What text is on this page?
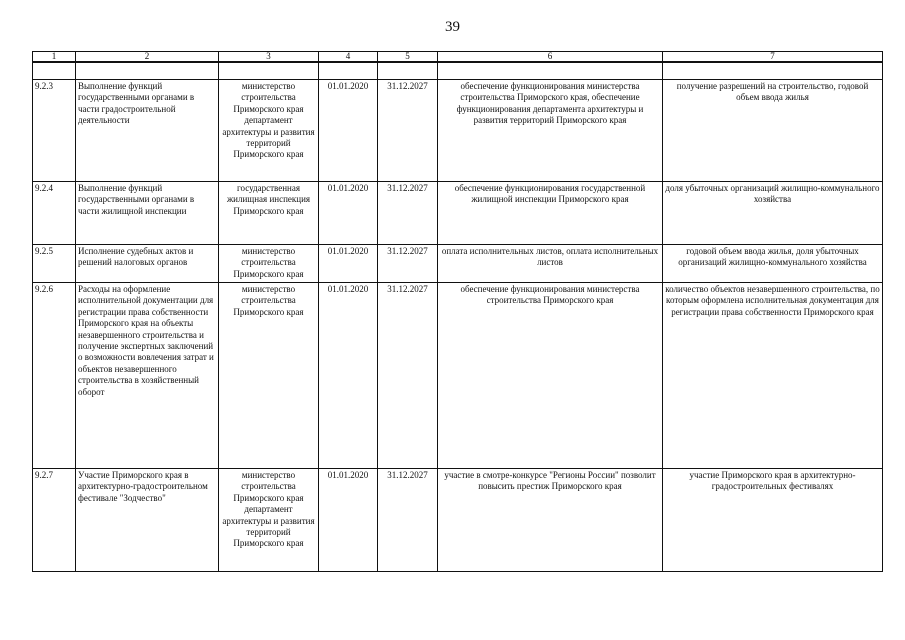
39
1	2	3	4	5	6	7

9.2.3	Выполнение функций государственными органами в части градостроительной деятельности	министерство строительства Приморского края департамент архитектуры и развития территорий Приморского края	01.01.2020	31.12.2027	обеспечение функционирования министерства строительства Приморского края, обеспечение функционирования департамента архитектуры и развития территорий Приморского края	получение разрешений на строительство, годовой объем ввода жилья
9.2.4	Выполнение функций государственными органами в части жилищной инспекции	государственная жилищная инспекция Приморского края	01.01.2020	31.12.2027	обеспечение функционирования государственной жилищной инспекции Приморского края	доля убыточных организаций жилищно-коммунального хозяйства
9.2.5	Исполнение судебных актов и решений налоговых органов	министерство строительства Приморского края	01.01.2020	31.12.2027	оплата исполнительных листов, оплата исполнительных листов	годовой объем ввода жилья, доля убыточных организаций жилищно-коммунального хозяйства
9.2.6	Расходы на оформление исполнительной документации для регистрации права собственности Приморского края на объекты незавершенного строительства и получение экспертных заключений о возможности вовлечения затрат и объектов незавершенного строительства в хозяйственный оборот	министерство строительства Приморского края	01.01.2020	31.12.2027	обеспечение функционирования министерства строительства Приморского края	количество объектов незавершенного строительства, по которым оформлена исполнительная документация для регистрации права собственности Приморского края
9.2.7	Участие Приморского края в архитектурно-градостроительном фестивале "Зодчество"	министерство строительства Приморского края департамент архитектуры и развития территорий Приморского края	01.01.2020	31.12.2027	участие в смотре-конкурсе "Регионы России" позволит повысить престиж Приморского края	участие Приморского края в архитектурно-градостроительных фестивалях
